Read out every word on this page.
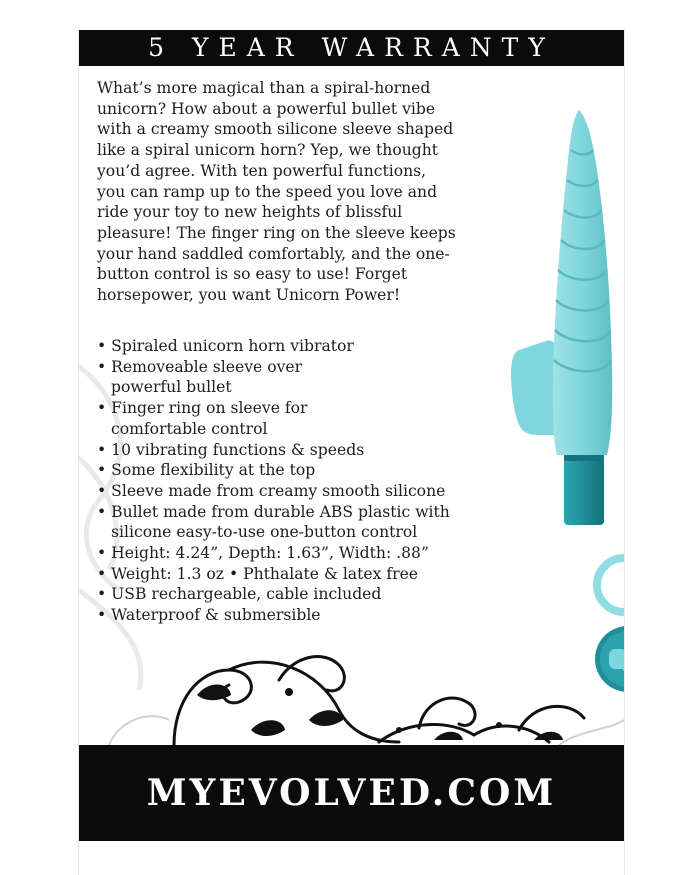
5 YEAR WARRANTY

What’s more magical than a spiral-horned unicorn? How about a powerful bullet vibe with a creamy smooth silicone sleeve shaped like a spiral unicorn horn? Yep, we thought you’d agree. With ten powerful functions, you can ramp up to the speed you love and ride your toy to new heights of blissful pleasure! The finger ring on the sleeve keeps your hand saddled comfortably, and the one-button control is so easy to use! Forget horsepower, you want Unicorn Power!

• Spiraled unicorn horn vibrator
• Removeable sleeve over powerful bullet
• Finger ring on sleeve for comfortable control
• 10 vibrating functions & speeds
• Some flexibility at the top
• Sleeve made from creamy smooth silicone
• Bullet made from durable ABS plastic with silicone easy-to-use one-button control
• Height: 4.24”, Depth: 1.63”, Width: .88”
• Weight: 1.3 oz • Phthalate & latex free
• USB rechargeable, cable included
• Waterproof & submersible
MYEVOLVED.COM
